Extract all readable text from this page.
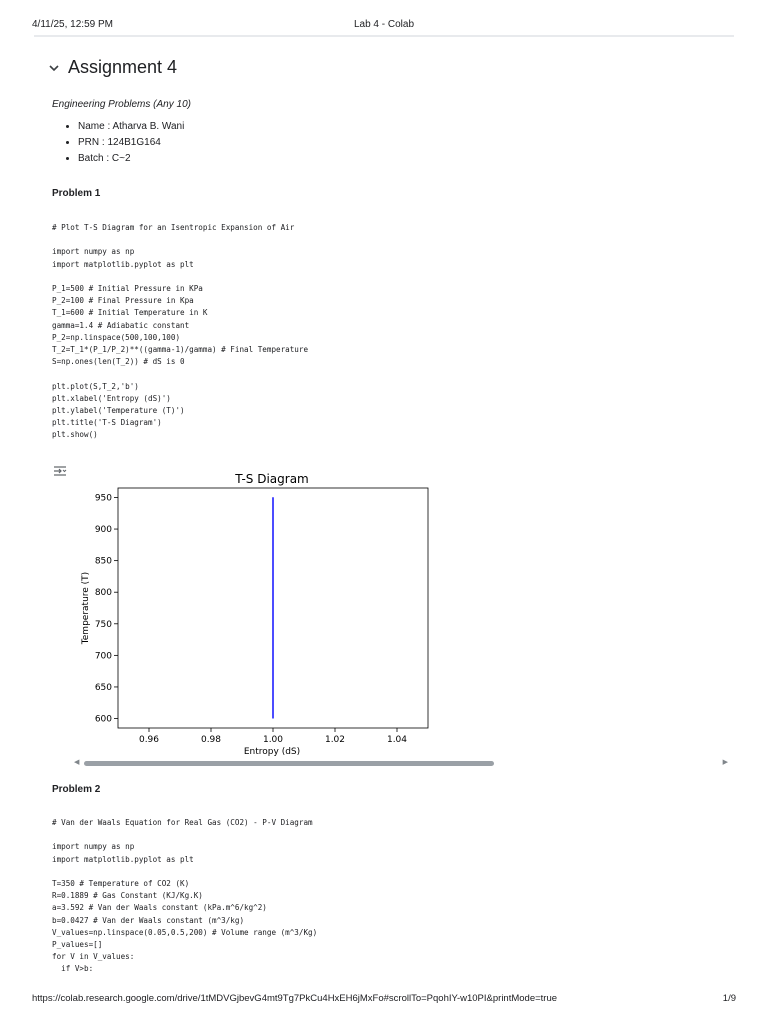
4/11/25, 12:59 PM	Lab 4 - Colab
Assignment 4
Engineering Problems (Any 10)
• Name : Atharva B. Wani
• PRN : 124B1G164
• Batch : C~2
Problem 1
# Plot T-S Diagram for an Isentropic Expansion of Air

import numpy as np
import matplotlib.pyplot as plt

P_1=500 # Initial Pressure in KPa
P_2=100 # Final Pressure in Kpa
T_1=600 # Initial Temperature in K
gamma=1.4 # Adiabatic constant
P_2=np.linspace(500,100,100)
T_2=T_1*(P_1/P_2)**((gamma-1)/gamma) # Final Temperature
S=np.ones(len(T_2)) # dS is 0

plt.plot(S,T_2,'b')
plt.xlabel('Entropy (dS)')
plt.ylabel('Temperature (T)')
plt.title('T-S Diagram')
plt.show()
T-S Diagram
600
650
700
750
800
850
900
950
0.96	0.98	1.00	1.02	1.04
Entropy (dS)
Temperature (T)
◀	▶
Problem 2
# Van der Waals Equation for Real Gas (CO2) - P-V Diagram

import numpy as np
import matplotlib.pyplot as plt

T=350 # Temperature of CO2 (K)
R=0.1889 # Gas Constant (KJ/Kg.K)
a=3.592 # Van der Waals constant (kPa.m^6/kg^2)
b=0.0427 # Van der Waals constant (m^3/kg)
V_values=np.linspace(0.05,0.5,200) # Volume range (m^3/Kg)
P_values=[]
for V in V_values:
if V>b:
https://colab.research.google.com/drive/1tMDVGjbevG4mt9Tg7PkCu4HxEH6jMxFo#scrollTo=PqohIY-w10PI&printMode=true	1/9
